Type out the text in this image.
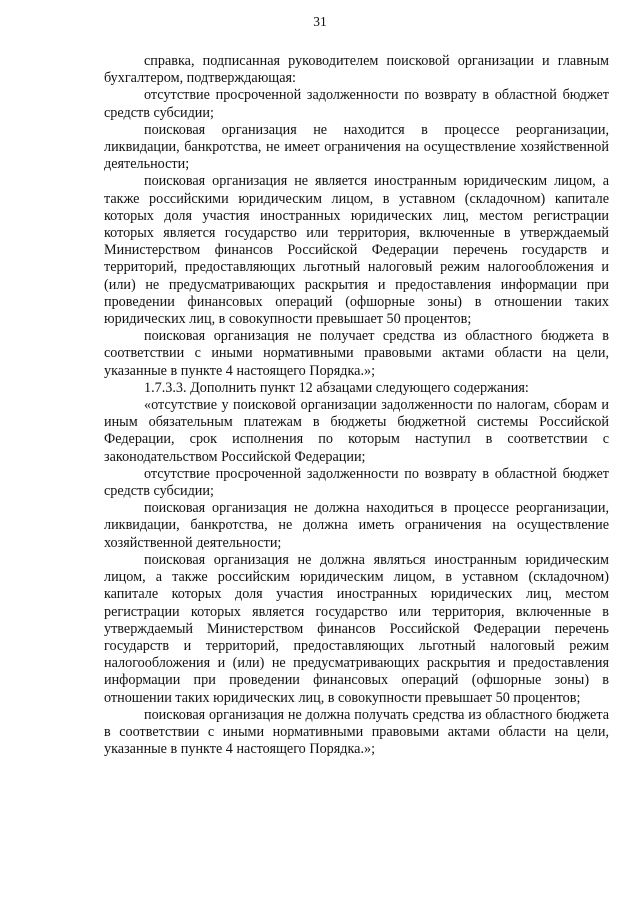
31

справка, подписанная руководителем поисковой организации и главным бухгалтером, подтверждающая:

отсутствие просроченной задолженности по возврату в областной бюджет средств субсидии;

поисковая организация не находится в процессе реорганизации, ликвидации, банкротства, не имеет ограничения на осуществление хозяйственной деятельности;

поисковая организация не является иностранным юридическим лицом, а также российскими юридическим лицом, в уставном (складочном) капитале которых доля участия иностранных юридических лиц, местом регистрации которых является государство или территория, включенные в утверждаемый Министерством финансов Российской Федерации перечень государств и территорий, предоставляющих льготный налоговый режим налогообложения и (или) не предусматривающих раскрытия и предоставления информации при проведении финансовых операций (офшорные зоны) в отношении таких юридических лиц, в совокупности превышает 50 процентов;

поисковая организация не получает средства из областного бюджета в соответствии с иными нормативными правовыми актами области на цели, указанные в пункте 4 настоящего Порядка.»;

1.7.3.3. Дополнить пункт 12 абзацами следующего содержания:

«отсутствие у поисковой организации задолженности по налогам, сборам и иным обязательным платежам в бюджеты бюджетной системы Российской Федерации, срок исполнения по которым наступил в соответствии с законодательством Российской Федерации;

отсутствие просроченной задолженности по возврату в областной бюджет средств субсидии;

поисковая организация не должна находиться в процессе реорганизации, ликвидации, банкротства, не должна иметь ограничения на осуществление хозяйственной деятельности;

поисковая организация не должна являться иностранным юридическим лицом, а также российским юридическим лицом, в уставном (складочном) капитале которых доля участия иностранных юридических лиц, местом регистрации которых является государство или территория, включенные в утверждаемый Министерством финансов Российской Федерации перечень государств и территорий, предоставляющих льготный налоговый режим налогообложения и (или) не предусматривающих раскрытия и предоставления информации при проведении финансовых операций (офшорные зоны) в отношении таких юридических лиц, в совокупности превышает 50 процентов;

поисковая организация не должна получать средства из областного бюджета в соответствии с иными нормативными правовыми актами области на цели, указанные в пункте 4 настоящего Порядка.»;
